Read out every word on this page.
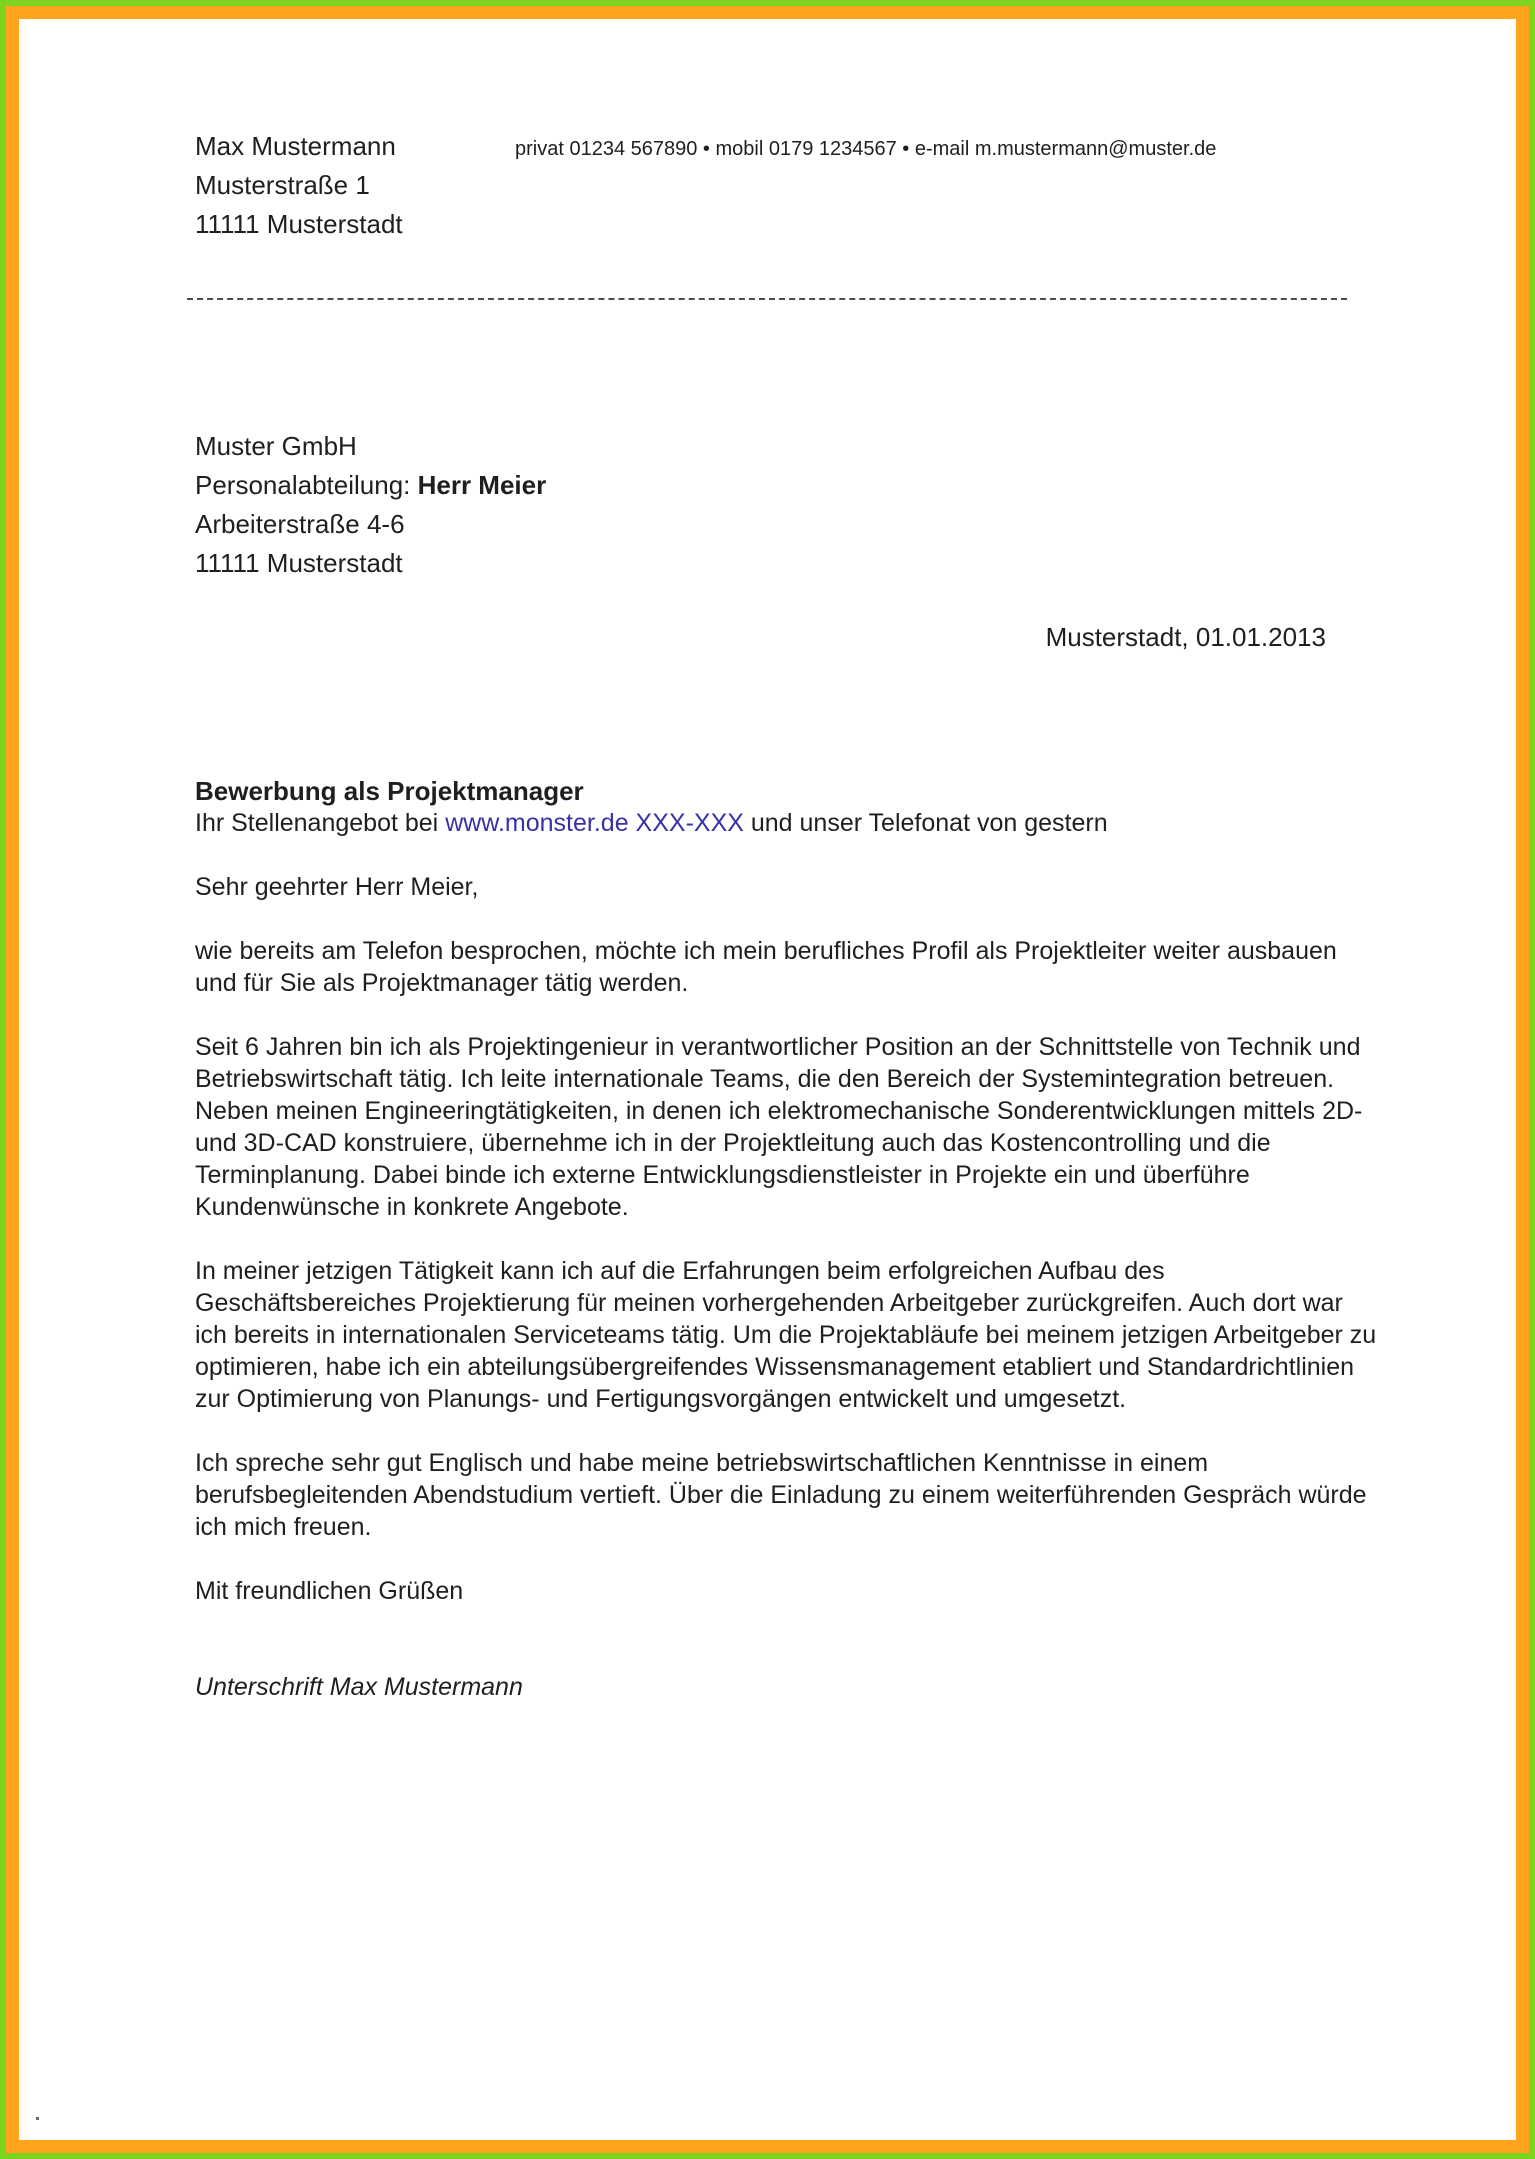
Max Mustermann
Musterstraße 1
11111 Musterstadt
privat 01234 567890 • mobil 0179 1234567 • e-mail m.mustermann@muster.de
Muster GmbH
Personalabteilung: Herr Meier
Arbeiterstraße 4-6
11111 Musterstadt
Musterstadt, 01.01.2013
Bewerbung als Projektmanager
Ihr Stellenangebot bei www.monster.de XXX-XXX und unser Telefonat von gestern
Sehr geehrter Herr Meier,

wie bereits am Telefon besprochen, möchte ich mein berufliches Profil als Projektleiter weiter ausbauen und für Sie als Projektmanager tätig werden.

Seit 6 Jahren bin ich als Projektingenieur in verantwortlicher Position an der Schnittstelle von Technik und Betriebswirtschaft tätig. Ich leite internationale Teams, die den Bereich der Systemintegration betreuen. Neben meinen Engineeringtätigkeiten, in denen ich elektromechanische Sonderentwicklungen mittels 2D- und 3D-CAD konstruiere, übernehme ich in der Projektleitung auch das Kostencontrolling und die Terminplanung. Dabei binde ich externe Entwicklungsdienstleister in Projekte ein und überführe Kundenwünsche in konkrete Angebote.

In meiner jetzigen Tätigkeit kann ich auf die Erfahrungen beim erfolgreichen Aufbau des Geschäftsbereiches Projektierung für meinen vorhergehenden Arbeitgeber zurückgreifen. Auch dort war ich bereits in internationalen Serviceteams tätig. Um die Projektabläufe bei meinem jetzigen Arbeitgeber zu optimieren, habe ich ein abteilungsübergreifendes Wissensmanagement etabliert und Standardrichtlinien zur Optimierung von Planungs- und Fertigungsvorgängen entwickelt und umgesetzt.

Ich spreche sehr gut Englisch und habe meine betriebswirtschaftlichen Kenntnisse in einem berufsbegleitenden Abendstudium vertieft. Über die Einladung zu einem weiterführenden Gespräch würde ich mich freuen.

Mit freundlichen Grüßen
Unterschrift Max Mustermann
